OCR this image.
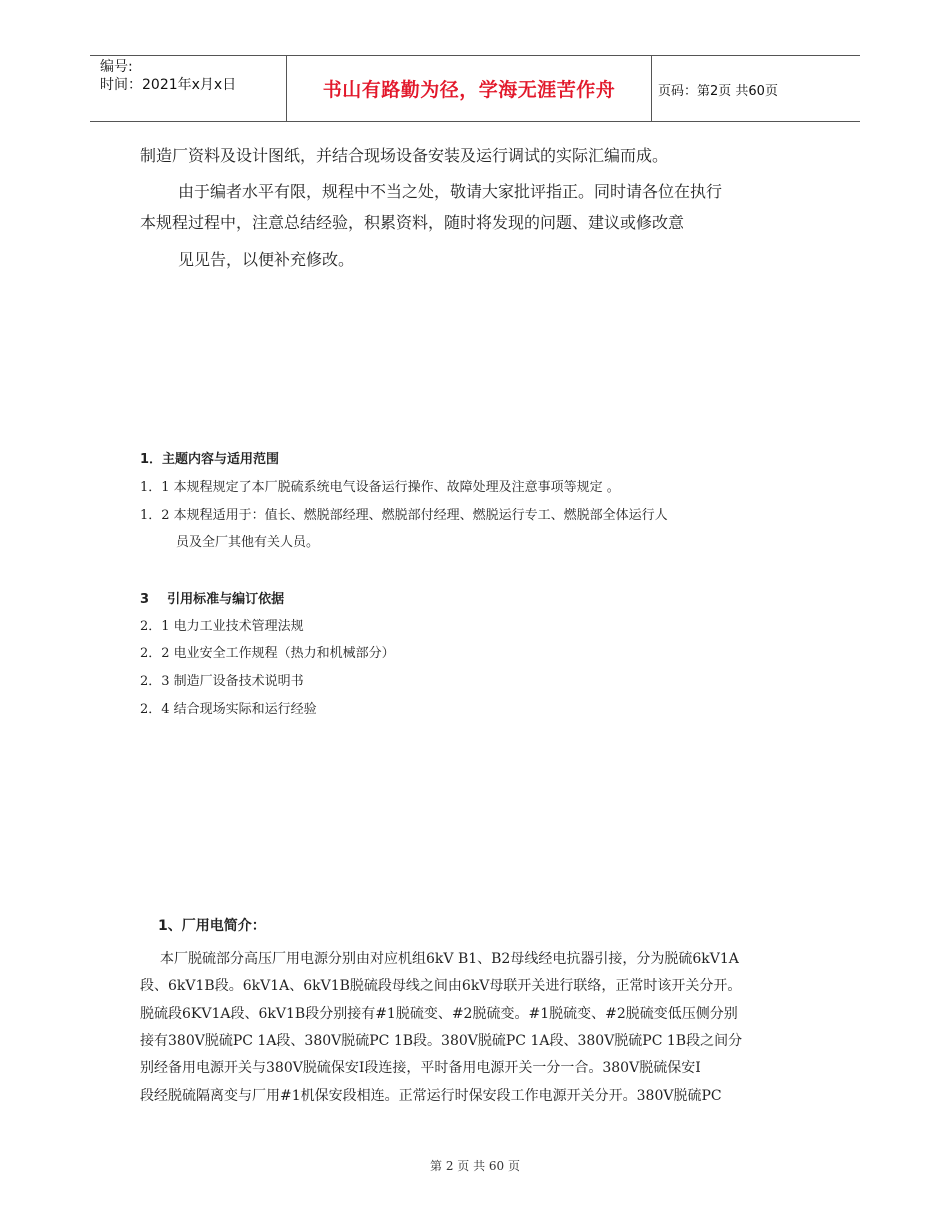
编号:
时间：2021年x月x日	书山有路勤为径，学海无涯苦作舟	页码：第2页 共60页
制造厂资料及设计图纸，并结合现场设备安装及运行调试的实际汇编而成。
由于编者水平有限，规程中不当之处，敬请大家批评指正。同时请各位在执行
本规程过程中，注意总结经验，积累资料，随时将发现的问题、建议或修改意
见见告，以便补充修改。
1．主题内容与适用范围
1．1 本规程规定了本厂脱硫系统电气设备运行操作、故障处理及注意事项等规定 。
1．2 本规程适用于：值长、燃脱部经理、燃脱部付经理、燃脱运行专工、燃脱部全体运行人
员及全厂其他有关人员。
3    引用标准与编订依据
2．1 电力工业技术管理法规
2．2 电业安全工作规程（热力和机械部分）
2．3 制造厂设备技术说明书
2．4 结合现场实际和运行经验
1、厂用电简介：
本厂脱硫部分高压厂用电源分别由对应机组6kV B1、B2母线经电抗器引接，分为脱硫6kV1A
段、6kV1B段。6kV1A、6kV1B脱硫段母线之间由6kV母联开关进行联络，正常时该开关分开。
脱硫段6KV1A段、6kV1B段分别接有#1脱硫变、#2脱硫变。#1脱硫变、#2脱硫变低压侧分别
接有380V脱硫PC 1A段、380V脱硫PC 1B段。380V脱硫PC 1A段、380V脱硫PC 1B段之间分
别经备用电源开关与380V脱硫保安Ⅰ段连接，平时备用电源开关一分一合。380V脱硫保安Ⅰ
段经脱硫隔离变与厂用#1机保安段相连。正常运行时保安段工作电源开关分开。380V脱硫PC
第 2 页 共 60 页
